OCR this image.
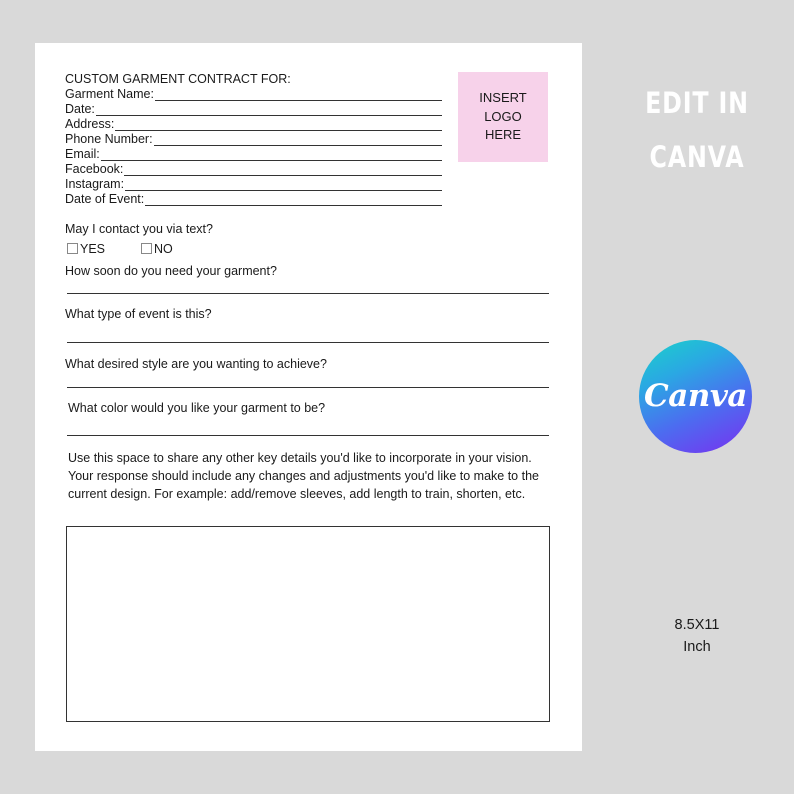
CUSTOM GARMENT CONTRACT FOR:
Garment Name:
Date:
Address:
Phone Number:
Email:
Facebook:
Instagram:
Date of Event:
INSERT
LOGO
HERE
May I contact you via text?
YES	NO
How soon do you need your garment?
What type of event is this?
What desired style are you wanting to achieve?
What color would you like your garment to be?
Use this space to share any other key details you'd like to incorporate in your vision. Your response should include any changes and adjustments you'd like to make to the current design. For example: add/remove sleeves, add length to train, shorten, etc.
EDIT IN
CANVA
Canva
8.5X11
Inch
